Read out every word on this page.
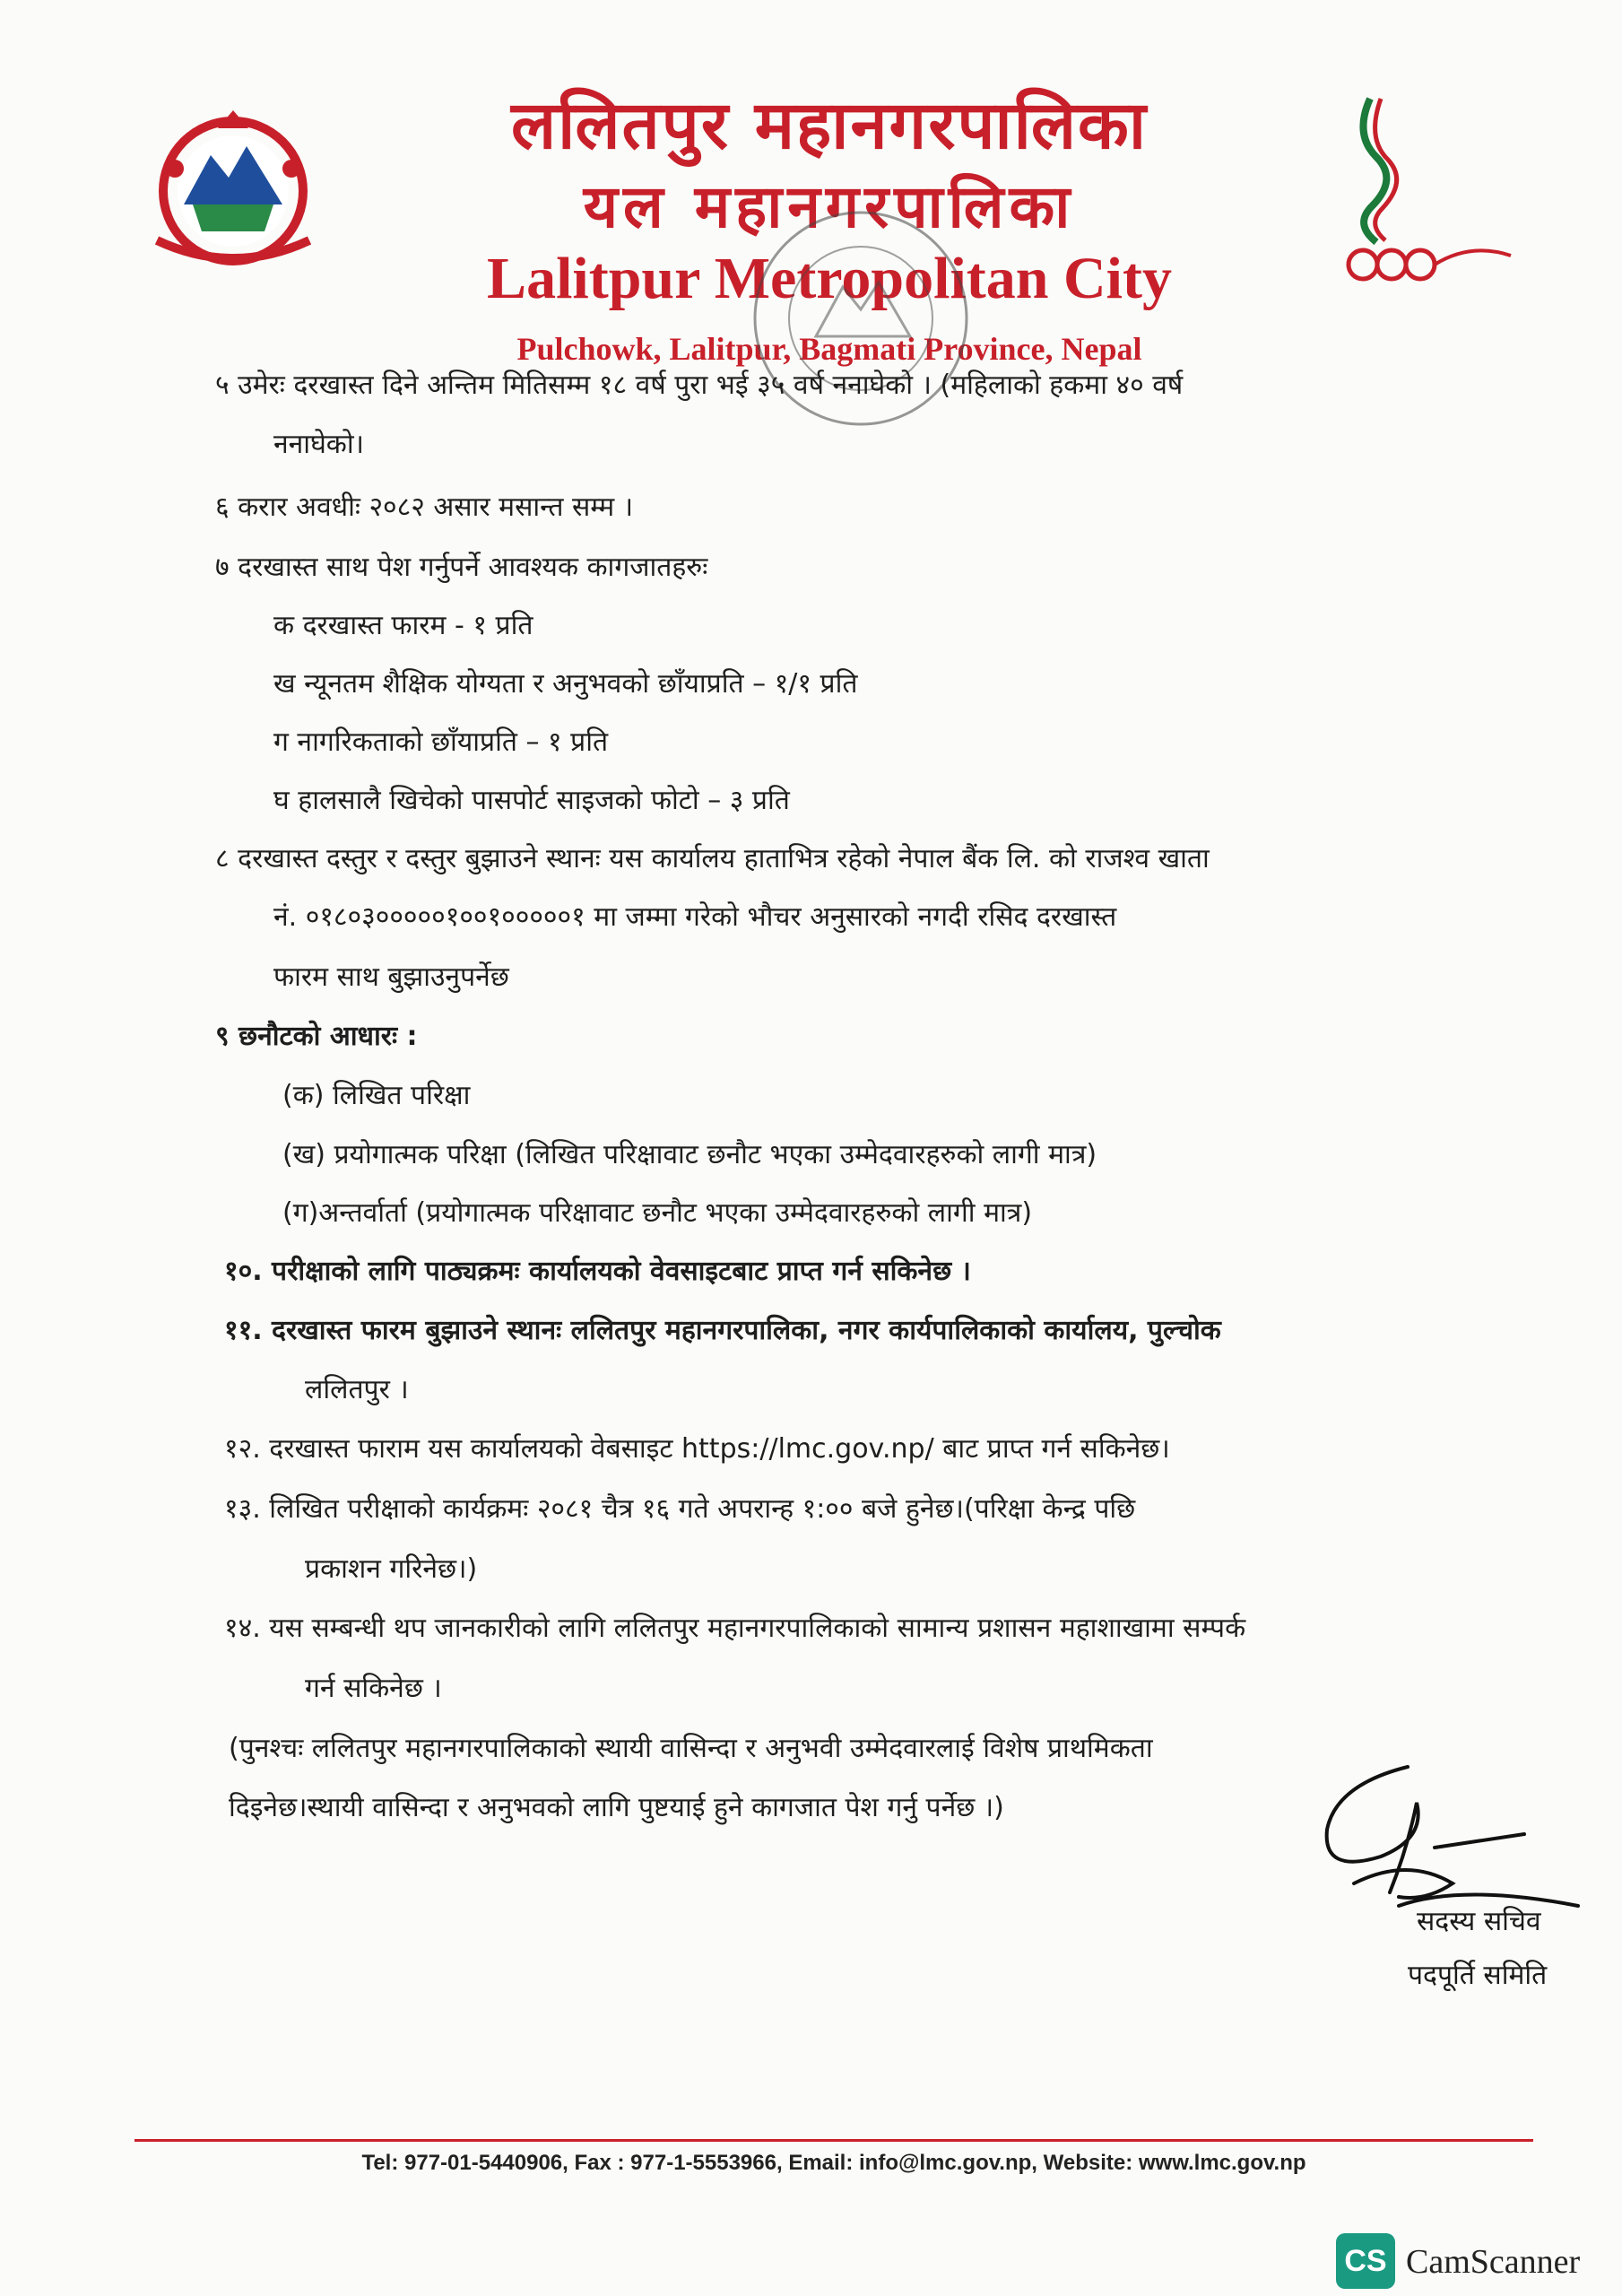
ललितपुर महानगरपालिका
यल महानगरपालिका
Lalitpur Metropolitan City
Pulchowk, Lalitpur, Bagmati Province, Nepal
५ उमेरः दरखास्त दिने अन्तिम मितिसम्म १८ वर्ष पुरा भई ३५ वर्ष ननाघेको । (महिलाको हकमा ४० वर्ष
ननाघेको।
६ करार अवधीः २०८२ असार मसान्त सम्म ।
७ दरखास्त साथ पेश गर्नुपर्ने आवश्यक कागजातहरुः
क दरखास्त फारम - १ प्रति
ख न्यूनतम शैक्षिक योग्यता र अनुभवको छाँयाप्रति – १/१ प्रति
ग नागरिकताको छाँयाप्रति – १ प्रति
घ हालसालै खिचेको पासपोर्ट साइजको फोटो – ३ प्रति
८ दरखास्त दस्तुर र दस्तुर बुझाउने स्थानः यस कार्यालय हाताभित्र रहेको नेपाल बैंक लि. को राजश्व खाता
नं. ०१८०३०००००१००१०००००१ मा जम्मा गरेको भौचर अनुसारको नगदी रसिद दरखास्त
फारम साथ बुझाउनुपर्नेछ
९ छनौटको आधारः :
(क) लिखित परिक्षा
(ख) प्रयोगात्मक परिक्षा (लिखित परिक्षावाट छनौट भएका उम्मेदवारहरुको लागी मात्र)
(ग)अन्तर्वार्ता (प्रयोगात्मक परिक्षावाट छनौट भएका उम्मेदवारहरुको लागी मात्र)
१०. परीक्षाको लागि पाठ्यक्रमः कार्यालयको वेवसाइटबाट प्राप्त गर्न सकिनेछ ।
११. दरखास्त फारम बुझाउने स्थानः ललितपुर महानगरपालिका, नगर कार्यपालिकाको कार्यालय, पुल्चोक
ललितपुर ।
१२. दरखास्त फाराम यस कार्यालयको वेबसाइट https://lmc.gov.np/ बाट प्राप्त गर्न सकिनेछ।
१३. लिखित परीक्षाको कार्यक्रमः २०८१ चैत्र १६ गते अपरान्ह १:०० बजे हुनेछ।(परिक्षा केन्द्र पछि
प्रकाशन गरिनेछ।)
१४. यस सम्बन्धी थप जानकारीको लागि ललितपुर महानगरपालिकाको सामान्य प्रशासन महाशाखामा सम्पर्क
गर्न सकिनेछ ।
(पुनश्चः ललितपुर महानगरपालिकाको स्थायी वासिन्दा र अनुभवी उम्मेदवारलाई विशेष प्राथमिकता
दिइनेछ।स्थायी वासिन्दा र अनुभवको लागि पुष्टयाई हुने कागजात पेश गर्नु पर्नेछ ।)
सदस्य सचिव
पदपूर्ति समिति
Tel: 977-01-5440906, Fax : 977-1-5553966, Email: info@lmc.gov.np, Website: www.lmc.gov.np
CS CamScanner
